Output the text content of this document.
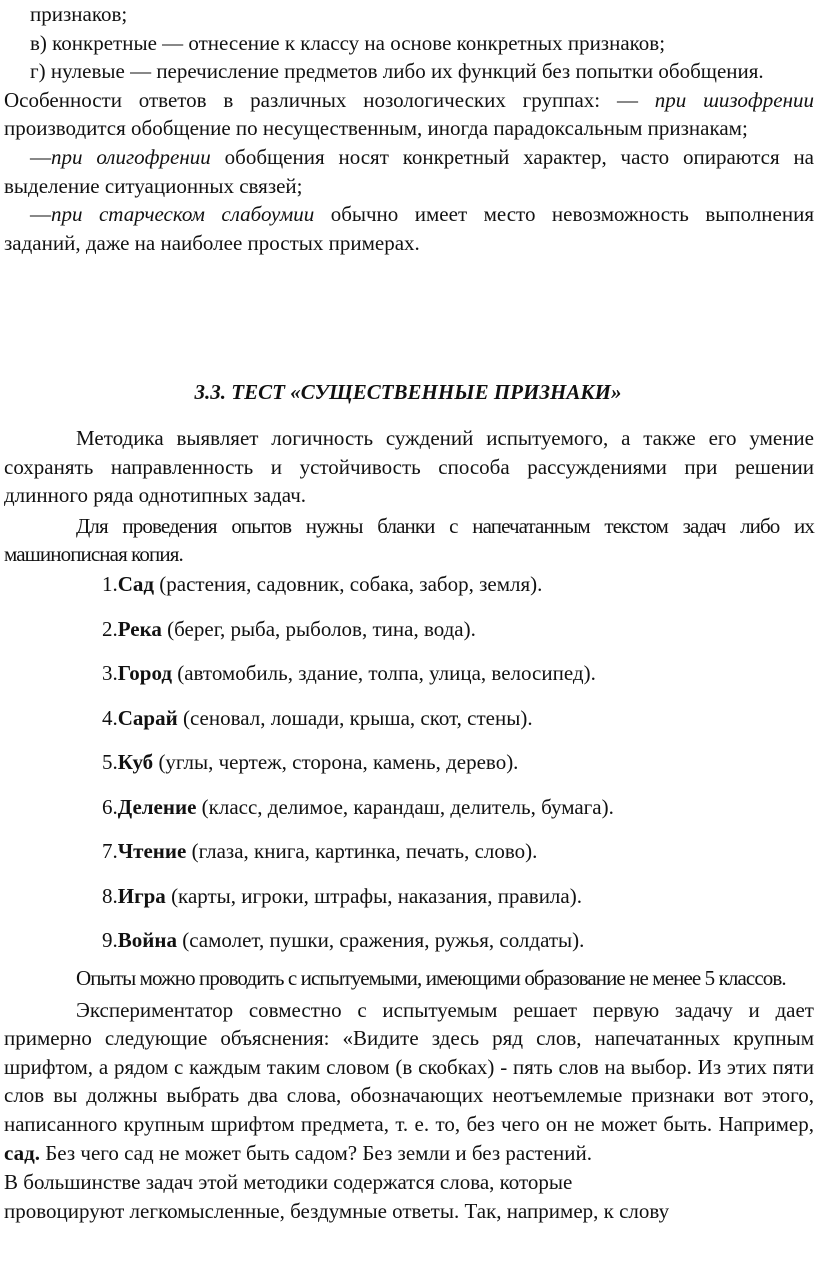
признаков;

в) конкретные — отнесение к классу на основе конкретных признаков;

г) нулевые — перечисление предметов либо их функций без попытки обобщения.

Особенности ответов в различных нозологических группах: — при шизофрении производится обобщение по несущественным, иногда парадоксальным признакам;

—при олигофрении обобщения носят конкретный характер, часто опираются на выделение ситуационных связей;

—при старческом слабоумии обычно имеет место невозможность выполнения заданий, даже на наиболее простых примерах.

3.3. ТЕСТ «СУЩЕСТВЕННЫЕ ПРИЗНАКИ»

Методика выявляет логичность суждений испытуемого, а также его умение сохранять направленность и устойчивость способа рассуждениями при решении длинного ряда однотипных задач.

Для проведения опытов нужны бланки с напечатанным текстом задач либо их машинописная копия.

1.Сад (растения, садовник, собака, забор, земля).
2.Река (берег, рыба, рыболов, тина, вода).
3.Город (автомобиль, здание, толпа, улица, велосипед).
4.Сарай (сеновал, лошади, крыша, скот, стены).
5.Куб (углы, чертеж, сторона, камень, дерево).
6.Деление (класс, делимое, карандаш, делитель, бумага).
7.Чтение (глаза, книга, картинка, печать, слово).
8.Игра (карты, игроки, штрафы, наказания, правила).
9.Война (самолет, пушки, сражения, ружья, солдаты).

Опыты можно проводить с испытуемыми, имеющими образование не менее 5 классов.

Экспериментатор совместно с испытуемым решает первую задачу и дает примерно следующие объяснения: «Видите здесь ряд слов, напечатанных крупным шрифтом, а рядом с каждым таким словом (в скобках) - пять слов на выбор. Из этих пяти слов вы должны выбрать два слова, обозначающих неотъемлемые признаки вот этого, написанного крупным шрифтом предмета, т. е. то, без чего он не может быть. Например, сад. Без чего сад не может быть садом? Без земли и без растений.

В большинстве задач этой методики содержатся слова, которые

провоцируют легкомысленные, бездумные ответы. Так, например, к слову
